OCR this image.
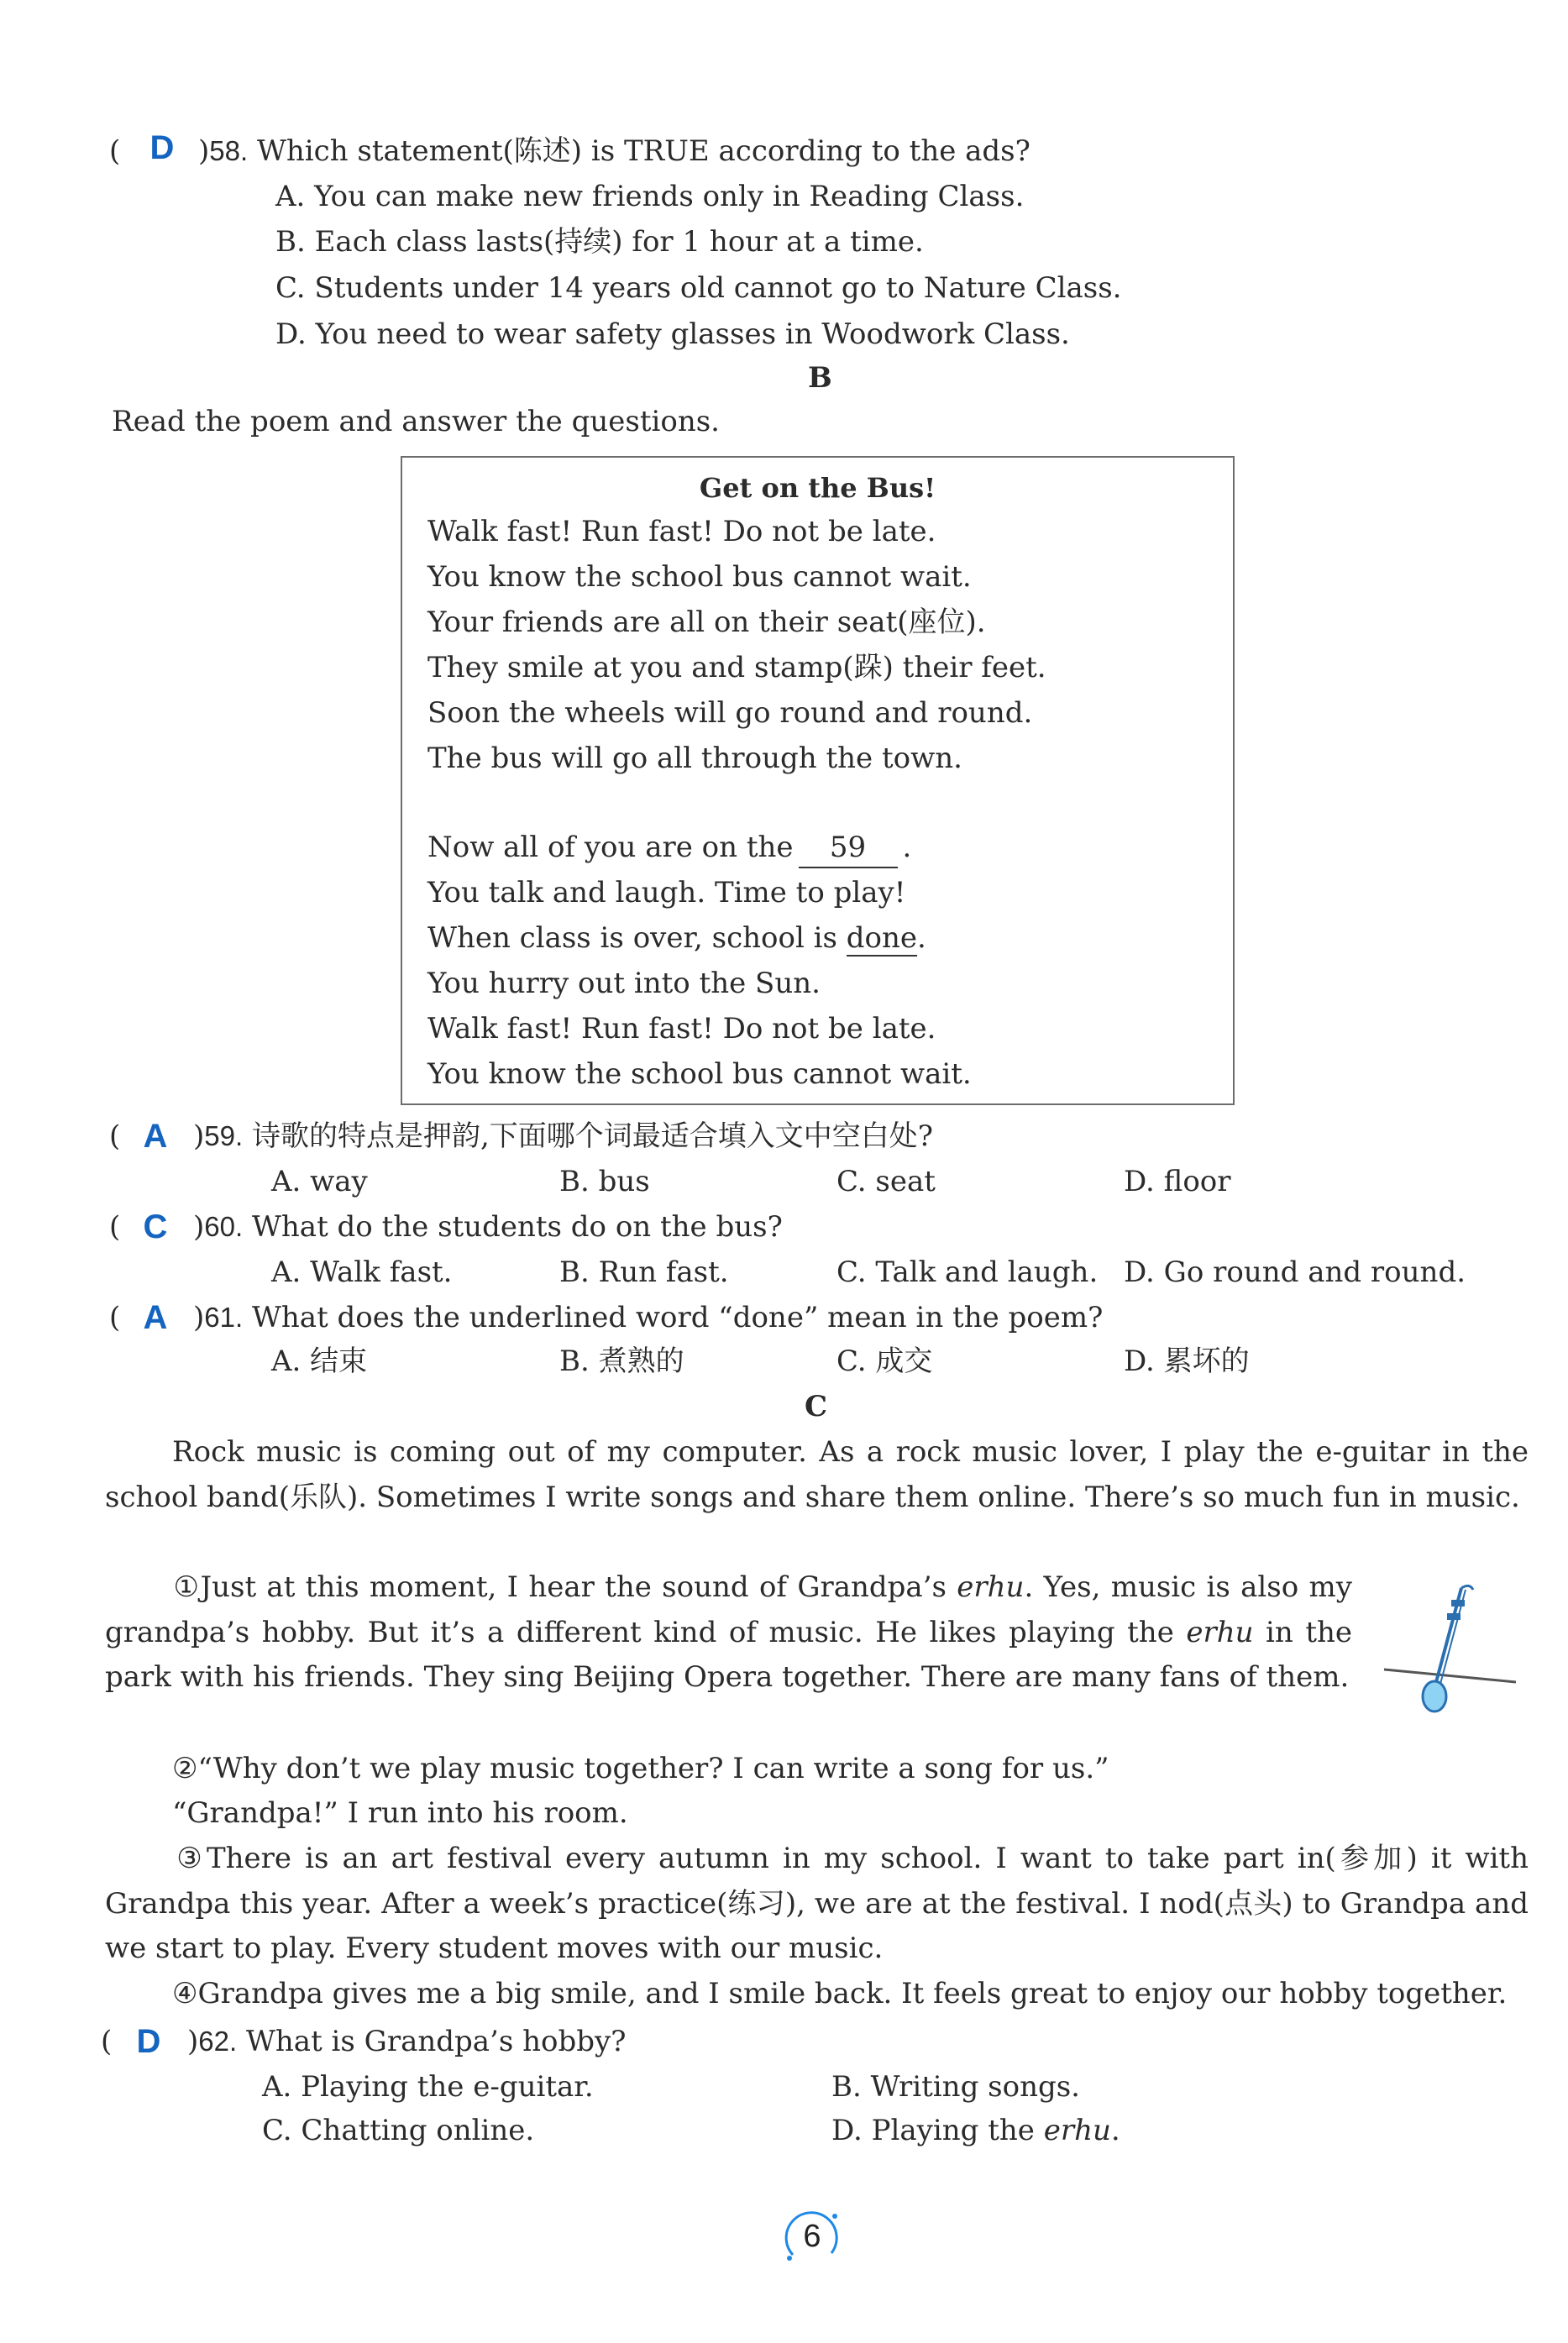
( D )58. Which statement(陈述) is TRUE according to the ads?
A. You can make new friends only in Reading Class.
B. Each class lasts(持续) for 1 hour at a time.
C. Students under 14 years old cannot go to Nature Class.
D. You need to wear safety glasses in Woodwork Class.
B
Read the poem and answer the questions.
Get on the Bus!
Walk fast! Run fast! Do not be late.
You know the school bus cannot wait.
Your friends are all on their seat(座位).
They smile at you and stamp(跺) their feet.
Soon the wheels will go round and round.
The bus will go all through the town.
Now all of you are on the 59 .
You talk and laugh. Time to play!
When class is over, school is done.
You hurry out into the Sun.
Walk fast! Run fast! Do not be late.
You know the school bus cannot wait.
( A )59. 诗歌的特点是押韵,下面哪个词最适合填入文中空白处?
A. way	B. bus	C. seat	D. floor
( C )60. What do the students do on the bus?
A. Walk fast.	B. Run fast.	C. Talk and laugh. D. Go round and round.
( A )61. What does the underlined word “done” mean in the poem?
A. 结束	B. 煮熟的	C. 成交	D. 累坏的
C
Rock music is coming out of my computer. As a rock music lover, I play the e-guitar in the school band(乐队). Sometimes I write songs and share them online. There’s so much fun in music.
①Just at this moment, I hear the sound of Grandpa’s erhu. Yes, music is also my grandpa’s hobby. But it’s a different kind of music. He likes playing the erhu in the park with his friends. They sing Beijing Opera together. There are many fans of them.
②“Why don’t we play music together? I can write a song for us.”
“Grandpa!” I run into his room.
③There is an art festival every autumn in my school. I want to take part in(参加) it with Grandpa this year. After a week’s practice(练习), we are at the festival. I nod(点头) to Grandpa and we start to play. Every student moves with our music.
④Grandpa gives me a big smile, and I smile back. It feels great to enjoy our hobby together.
( D )62. What is Grandpa’s hobby?
A. Playing the e-guitar.	B. Writing songs.
C. Chatting online.	D. Playing the erhu.
6
